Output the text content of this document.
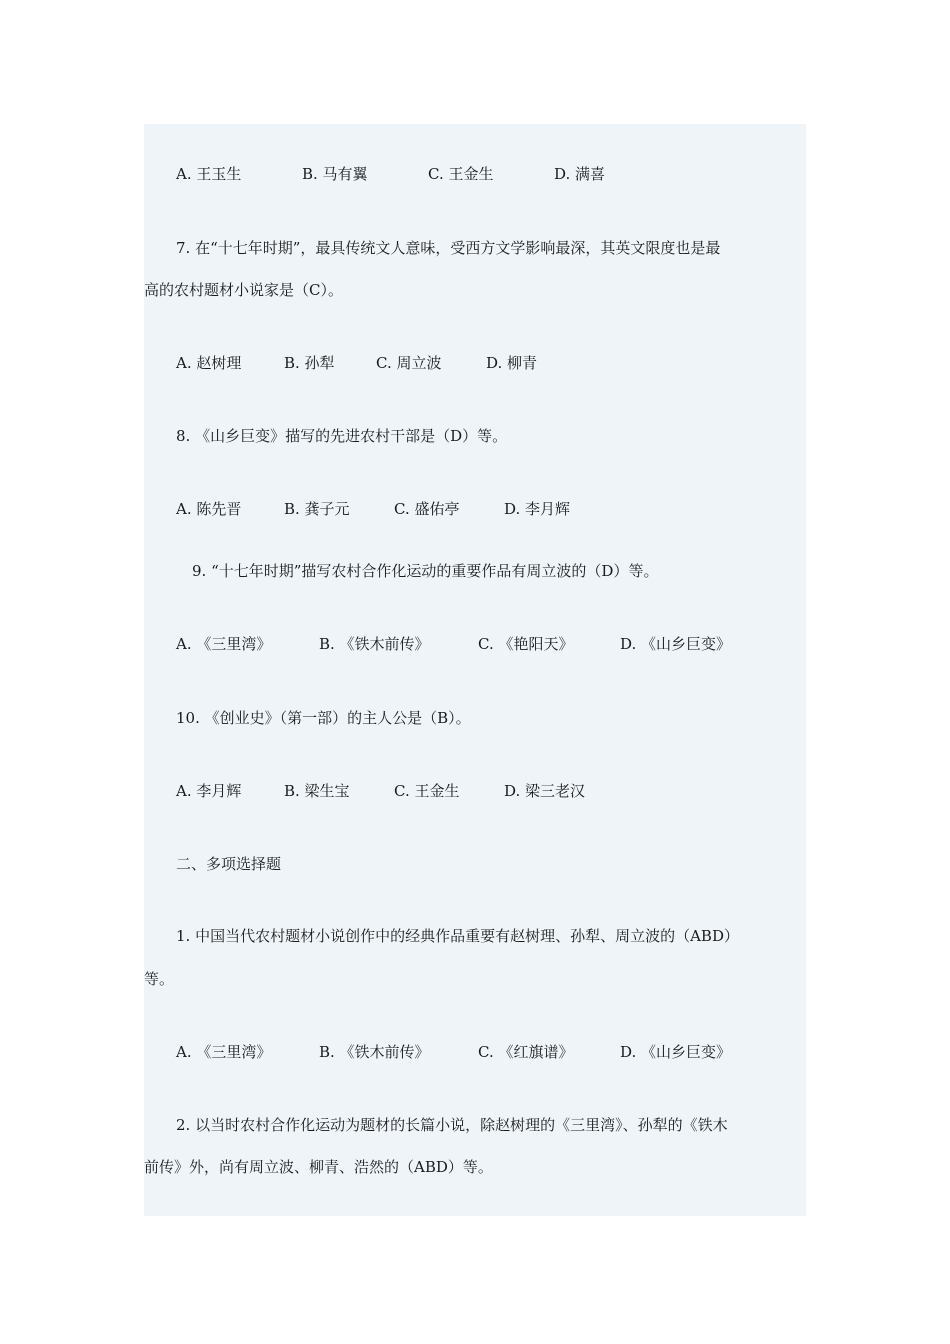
A. 王玉生	B. 马有翼	C. 王金生	D. 满喜
7. 在“十七年时期”，最具传统文人意味，受西方文学影响最深，其英文限度也是最
高的农村题材小说家是（C）。
A. 赵树理	B. 孙犁	C. 周立波	D. 柳青
8. 《山乡巨变》描写的先进农村干部是（D）等。
A. 陈先晋	B. 龚子元	C. 盛佑亭	D. 李月辉
9. “十七年时期”描写农村合作化运动的重要作品有周立波的（D）等。
A. 《三里湾》	B. 《铁木前传》	C. 《艳阳天》	D. 《山乡巨变》
10. 《创业史》（第一部）的主人公是（B）。
A. 李月辉	B. 梁生宝	C. 王金生	D. 梁三老汉
二、多项选择题
1. 中国当代农村题材小说创作中的经典作品重要有赵树理、孙犁、周立波的（ABD）
等。
A. 《三里湾》	B. 《铁木前传》	C. 《红旗谱》	D. 《山乡巨变》
2. 以当时农村合作化运动为题材的长篇小说，除赵树理的《三里湾》、孙犁的《铁木
前传》外，尚有周立波、柳青、浩然的（ABD）等。
